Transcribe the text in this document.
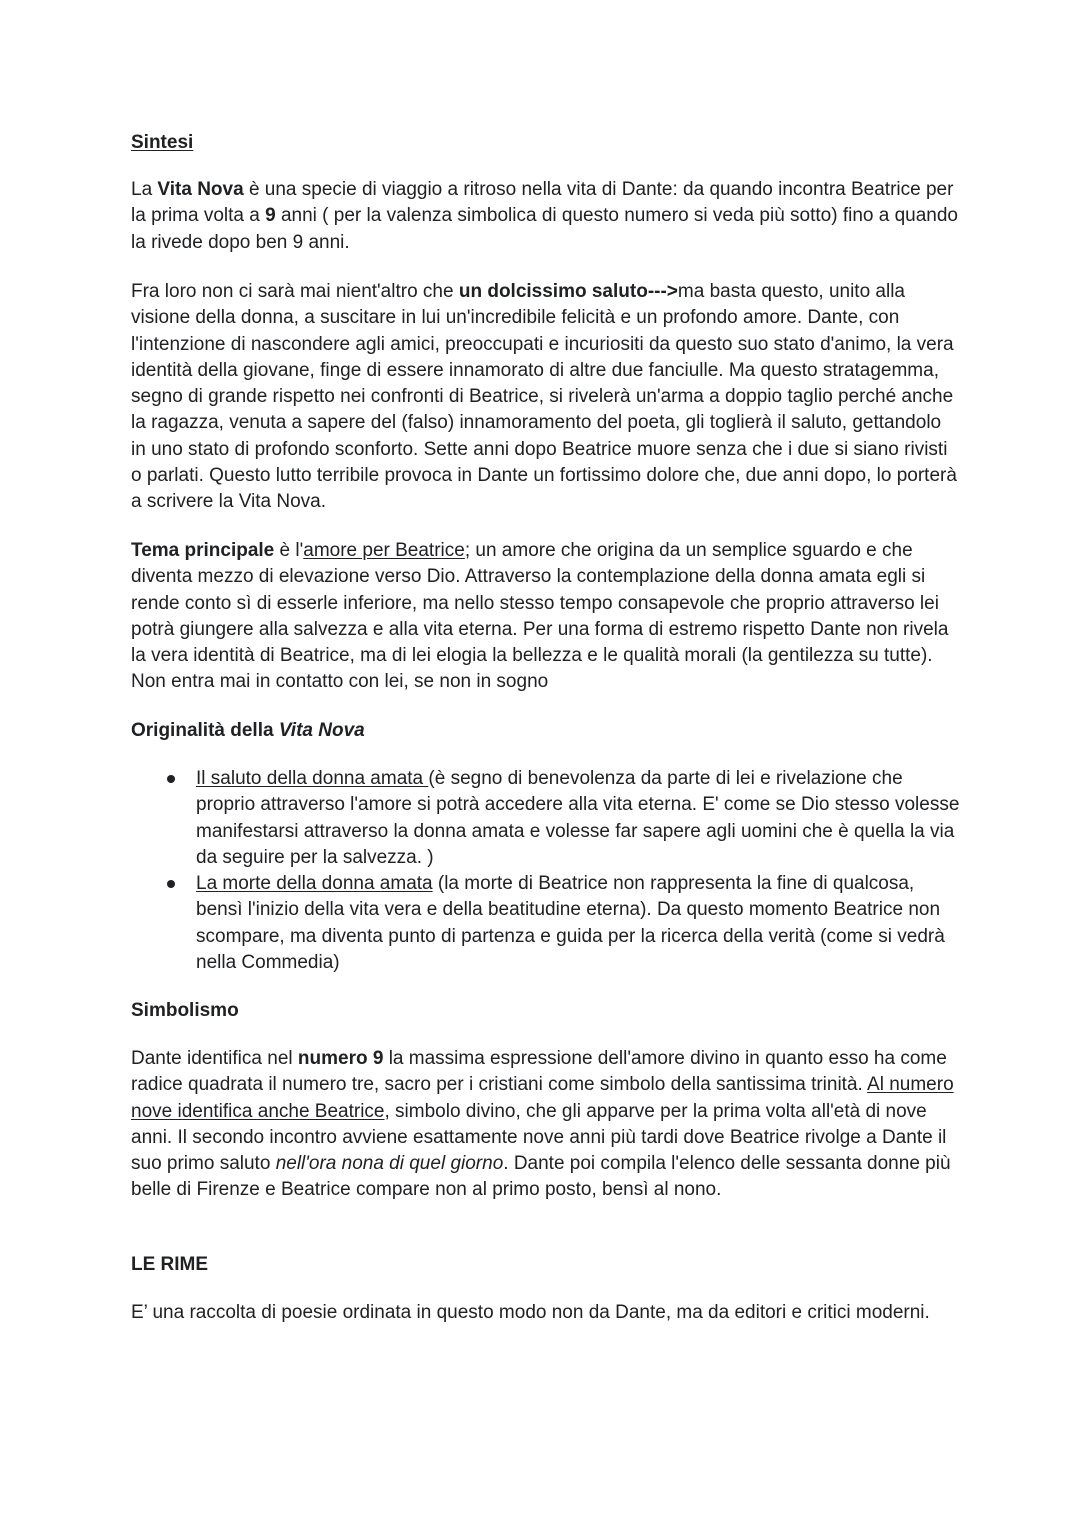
Sintesi

La Vita Nova è una specie di viaggio a ritroso nella vita di Dante: da quando incontra Beatrice per la prima volta a 9 anni ( per la valenza simbolica di questo numero si veda più sotto) fino a quando la rivede dopo ben 9 anni.

Fra loro non ci sarà mai nient'altro che un dolcissimo saluto--->ma basta questo, unito alla visione della donna, a suscitare in lui un'incredibile felicità e un profondo amore. Dante, con l'intenzione di nascondere agli amici, preoccupati e incuriositi da questo suo stato d'animo, la vera identità della giovane, finge di essere innamorato di altre due fanciulle. Ma questo stratagemma, segno di grande rispetto nei confronti di Beatrice, si rivelerà un'arma a doppio taglio perché anche la ragazza, venuta a sapere del (falso) innamoramento del poeta, gli toglierà il saluto, gettandolo in uno stato di profondo sconforto. Sette anni dopo Beatrice muore senza che i due si siano rivisti o parlati. Questo lutto terribile provoca in Dante un fortissimo dolore che, due anni dopo, lo porterà a scrivere la Vita Nova.

Tema principale è l'amore per Beatrice; un amore che origina da un semplice sguardo e che diventa mezzo di elevazione verso Dio. Attraverso la contemplazione della donna amata egli si rende conto sì di esserle inferiore, ma nello stesso tempo consapevole che proprio attraverso lei potrà giungere alla salvezza e alla vita eterna. Per una forma di estremo rispetto Dante non rivela la vera identità di Beatrice, ma di lei elogia la bellezza e le qualità morali (la gentilezza su tutte). Non entra mai in contatto con lei, se non in sogno

Originalità della Vita Nova

Il saluto della donna amata (è segno di benevolenza da parte di lei e rivelazione che proprio attraverso l'amore si potrà accedere alla vita eterna. E' come se Dio stesso volesse manifestarsi attraverso la donna amata e volesse far sapere agli uomini che è quella la via da seguire per la salvezza. )
La morte della donna amata (la morte di Beatrice non rappresenta la fine di qualcosa, bensì l'inizio della vita vera e della beatitudine eterna). Da questo momento Beatrice non scompare, ma diventa punto di partenza e guida per la ricerca della verità (come si vedrà nella Commedia)

Simbolismo

Dante identifica nel numero 9 la massima espressione dell'amore divino in quanto esso ha come radice quadrata il numero tre, sacro per i cristiani come simbolo della santissima trinità. Al numero nove identifica anche Beatrice, simbolo divino, che gli apparve per la prima volta all'età di nove anni. Il secondo incontro avviene esattamente nove anni più tardi dove Beatrice rivolge a Dante il suo primo saluto nell'ora nona di quel giorno. Dante poi compila l'elenco delle sessanta donne più belle di Firenze e Beatrice compare non al primo posto, bensì al nono.

LE RIME

E’ una raccolta di poesie ordinata in questo modo non da Dante, ma da editori e critici moderni.
